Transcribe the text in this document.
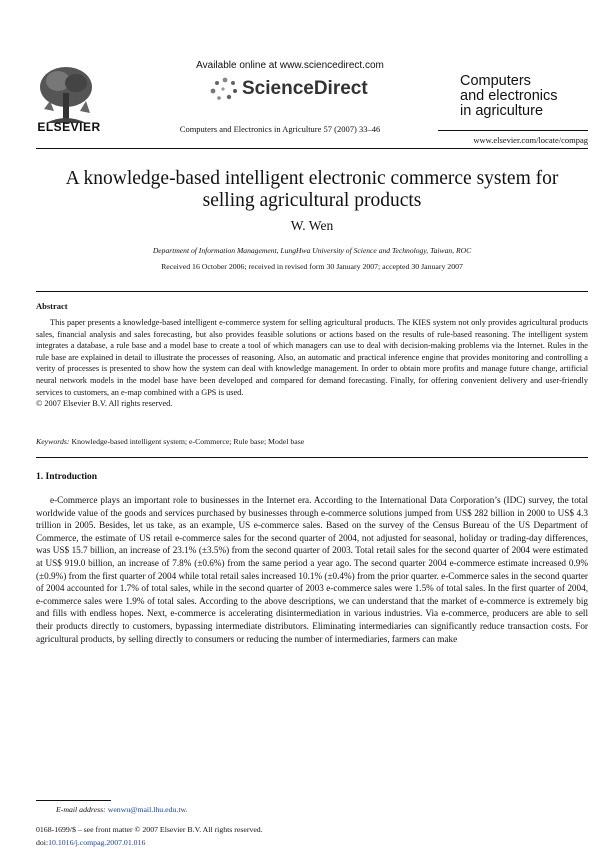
ELSEVIER
Available online at www.sciencedirect.com
ScienceDirect
Computers and Electronics in Agriculture 57 (2007) 33–46
Computers
and electronics
in agriculture
www.elsevier.com/locate/compag
A knowledge-based intelligent electronic commerce system for
selling agricultural products
W. Wen
Department of Information Management, LungHwa University of Science and Technology, Taiwan, ROC
Received 16 October 2006; received in revised form 30 January 2007; accepted 30 January 2007
Abstract
This paper presents a knowledge-based intelligent e-commerce system for selling agricultural products. The KIES system not only provides agricultural products sales, financial analysis and sales forecasting, but also provides feasible solutions or actions based on the results of rule-based reasoning. The intelligent system integrates a database, a rule base and a model base to create a tool of which managers can use to deal with decision-making problems via the Internet. Rules in the rule base are explained in detail to illustrate the processes of reasoning. Also, an automatic and practical inference engine that provides monitoring and controlling a verity of processes is presented to show how the system can deal with knowledge management. In order to obtain more profits and manage future change, artificial neural network models in the model base have been developed and compared for demand forecasting. Finally, for offering convenient delivery and user-friendly services to customers, an e-map combined with a GPS is used.
© 2007 Elsevier B.V. All rights reserved.
Keywords: Knowledge-based intelligent system; e-Commerce; Rule base; Model base
1. Introduction
e-Commerce plays an important role to businesses in the Internet era. According to the International Data Corporation’s (IDC) survey, the total worldwide value of the goods and services purchased by businesses through e-commerce solutions jumped from US$ 282 billion in 2000 to US$ 4.3 trillion in 2005. Besides, let us take, as an example, US e-commerce sales. Based on the survey of the Census Bureau of the US Department of Commerce, the estimate of US retail e-commerce sales for the second quarter of 2004, not adjusted for seasonal, holiday or trading-day differences, was US$ 15.7 billion, an increase of 23.1% (±3.5%) from the second quarter of 2003. Total retail sales for the second quarter of 2004 were estimated at US$ 919.0 billion, an increase of 7.8% (±0.6%) from the same period a year ago. The second quarter 2004 e-commerce estimate increased 0.9% (±0.9%) from the first quarter of 2004 while total retail sales increased 10.1% (±0.4%) from the prior quarter. e-Commerce sales in the second quarter of 2004 accounted for 1.7% of total sales, while in the second quarter of 2003 e-commerce sales were 1.5% of total sales. In the first quarter of 2004, e-commerce sales were 1.9% of total sales. According to the above descriptions, we can understand that the market of e-commerce is extremely big and fills with endless hopes. Next, e-commerce is accelerating disintermediation in various industries. Via e-commerce, producers are able to sell their products directly to customers, bypassing intermediate distributors. Eliminating intermediaries can significantly reduce transaction costs. For agricultural products, by selling directly to consumers or reducing the number of intermediaries, farmers can make
E-mail address: wenwu@mail.lhu.edu.tw.
0168-1699/$ – see front matter © 2007 Elsevier B.V. All rights reserved.
doi:10.1016/j.compag.2007.01.016
